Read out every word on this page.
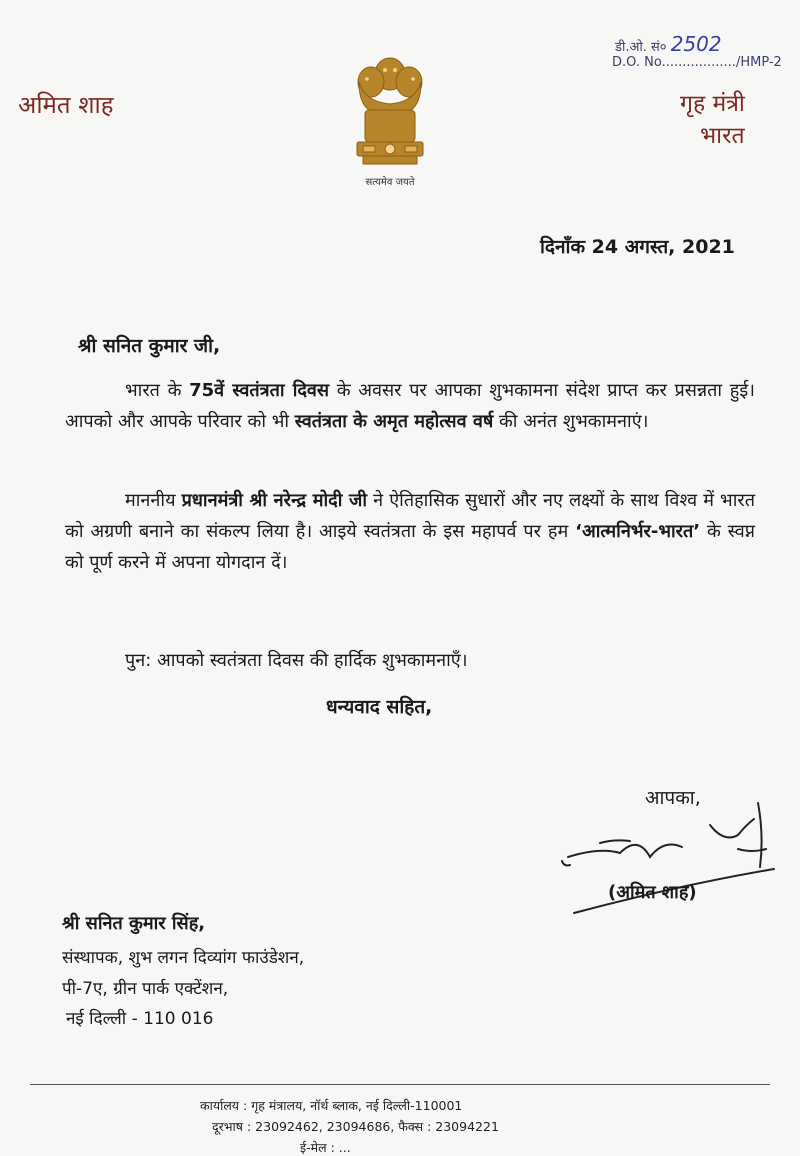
अमित शाह
सत्यमेव जयते
डी.ओ. सं० 2502
D.O. No................../HMP-2
गृह मंत्री
भारत
दिनाँक 24 अगस्त, 2021
श्री सनित कुमार जी,
भारत के 75वें स्वतंत्रता दिवस के अवसर पर आपका शुभकामना संदेश प्राप्त कर प्रसन्नता हुई। आपको और आपके परिवार को भी स्वतंत्रता के अमृत महोत्सव वर्ष की अनंत शुभकामनाएं।
माननीय प्रधानमंत्री श्री नरेन्द्र मोदी जी ने ऐतिहासिक सुधारों और नए लक्ष्यों के साथ विश्व में भारत को अग्रणी बनाने का संकल्प लिया है। आइये स्वतंत्रता के इस महापर्व पर हम ‘आत्मनिर्भर-भारत’ के स्वप्न को पूर्ण करने में अपना योगदान दें।
पुन: आपको स्वतंत्रता दिवस की हार्दिक शुभकामनाएँ।
धन्यवाद सहित,
आपका,
(अमित शाह)
श्री सनित कुमार सिंह,
संस्थापक, शुभ लगन दिव्यांग फाउंडेशन,
पी-7ए, ग्रीन पार्क एक्टेंशन,
नई दिल्ली - 110 016
कार्यालय : गृह मंत्रालय, नॉर्थ ब्लाक, नई दिल्ली-110001
दूरभाष : 23092462, 23094686, फैक्स : 23094221
ई-मेल : ...
